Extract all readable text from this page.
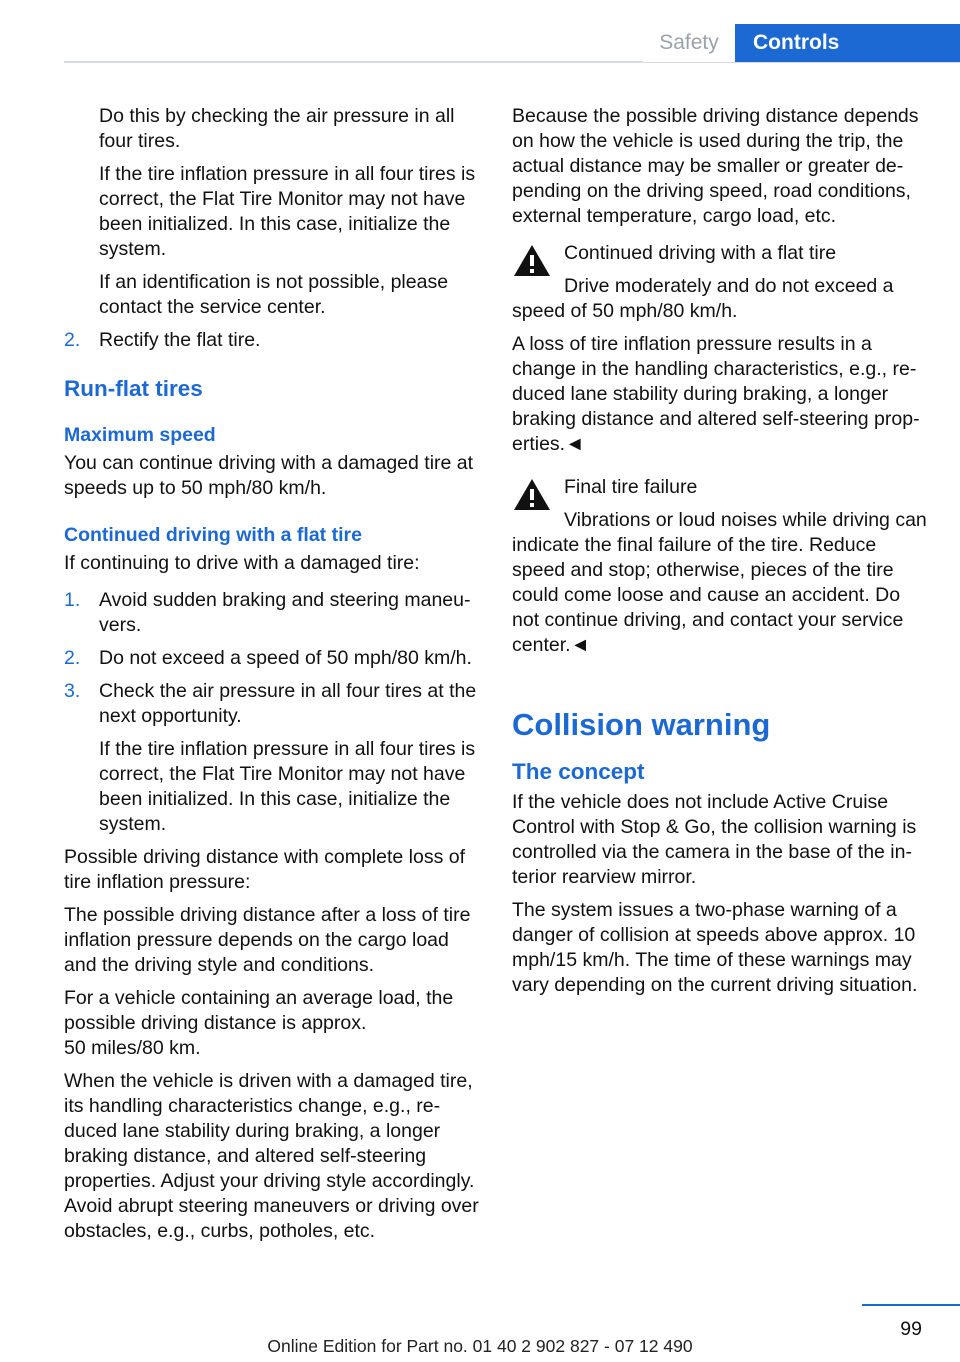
Safety	Controls

Do this by checking the air pressure in all four tires.

If the tire inflation pressure in all four tires is correct, the Flat Tire Monitor may not have been initialized. In this case, initialize the system.

If an identification is not possible, please contact the service center.

2. Rectify the flat tire.
Run-flat tires
Maximum speed

You can continue driving with a damaged tire at speeds up to 50 mph/80 km/h.

Continued driving with a flat tire

If continuing to drive with a damaged tire:

1. Avoid sudden braking and steering maneuvers.
2. Do not exceed a speed of 50 mph/80 km/h.
3. Check the air pressure in all four tires at the next opportunity.

If the tire inflation pressure in all four tires is correct, the Flat Tire Monitor may not have been initialized. In this case, initialize the system.

Possible driving distance with complete loss of tire inflation pressure:

The possible driving distance after a loss of tire inflation pressure depends on the cargo load and the driving style and conditions.

For a vehicle containing an average load, the possible driving distance is approx.

50 miles/80 km.

When the vehicle is driven with a damaged tire, its handling characteristics change, e.g., reduced lane stability during braking, a longer braking distance, and altered self-steering properties. Adjust your driving style accordingly. Avoid abrupt steering maneuvers or driving over obstacles, e.g., curbs, potholes, etc.

Because the possible driving distance depends on how the vehicle is used during the trip, the actual distance may be smaller or greater depending on the driving speed, road conditions, external temperature, cargo load, etc.

Continued driving with a flat tire

Drive moderately and do not exceed a speed of 50 mph/80 km/h.

A loss of tire inflation pressure results in a change in the handling characteristics, e.g., reduced lane stability during braking, a longer braking distance and altered self-steering properties.◄

Final tire failure

Vibrations or loud noises while driving can indicate the final failure of the tire. Reduce speed and stop; otherwise, pieces of the tire could come loose and cause an accident. Do not continue driving, and contact your service center.◄

Collision warning
The concept

If the vehicle does not include Active Cruise Control with Stop & Go, the collision warning is controlled via the camera in the base of the interior rearview mirror.

The system issues a two-phase warning of a danger of collision at speeds above approx. 10 mph/15 km/h. The time of these warnings may vary depending on the current driving situation.

99
Online Edition for Part no. 01 40 2 902 827 - 07 12 490
